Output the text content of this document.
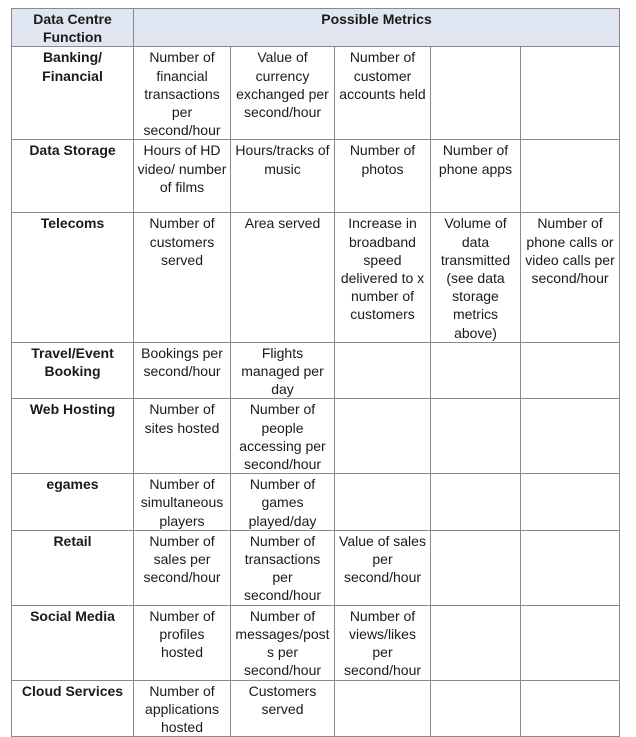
Data Centre Function	Possible Metrics				
Banking/ Financial	Number of financial transactions per second/hour	Value of currency exchanged per second/hour	Number of customer accounts held		
Data Storage	Hours of HD video/ number of films	Hours/tracks of music	Number of photos	Number of phone apps	
Telecoms	Number of customers served	Area served	Increase in broadband speed delivered to x number of customers	Volume of data transmitted (see data storage metrics above)	Number of phone calls or video calls per second/hour
Travel/Event Booking	Bookings per second/hour	Flights managed per day			
Web Hosting	Number of sites hosted	Number of people accessing per second/hour			
egames	Number of simultaneous players	Number of games played/day			
Retail	Number of sales per second/hour	Number of transactions per second/hour	Value of sales per second/hour		
Social Media	Number of profiles hosted	Number of messages/posts per second/hour	Number of views/likes per second/hour		
Cloud Services	Number of applications hosted	Customers served			
